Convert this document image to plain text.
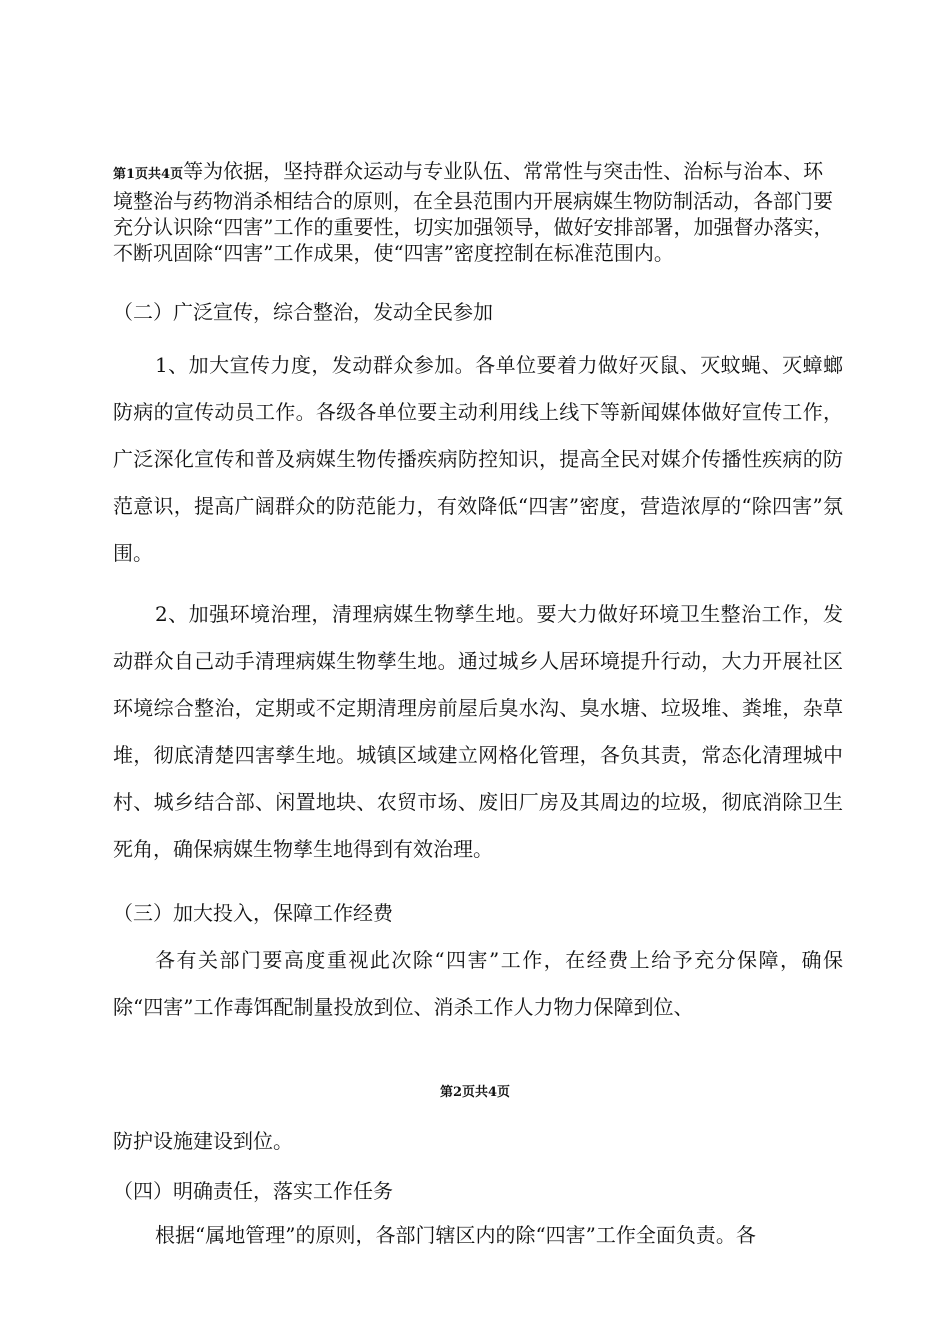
第1页共4页等为依据，坚持群众运动与专业队伍、常常性与突击性、治标与治本、环境整治与药物消杀相结合的原则，在全县范围内开展病媒生物防制活动，各部门要充分认识除“四害”工作的重要性，切实加强领导，做好安排部署，加强督办落实，不断巩固除“四害”工作成果，使“四害”密度控制在标准范围内。
（二）广泛宣传，综合整治，发动全民参加
1、加大宣传力度，发动群众参加。各单位要着力做好灭鼠、灭蚊蝇、灭蟑螂防病的宣传动员工作。各级各单位要主动利用线上线下等新闻媒体做好宣传工作，广泛深化宣传和普及病媒生物传播疾病防控知识，提高全民对媒介传播性疾病的防范意识，提高广阔群众的防范能力，有效降低“四害”密度，营造浓厚的“除四害”氛围。
2、加强环境治理，清理病媒生物孳生地。要大力做好环境卫生整治工作，发动群众自己动手清理病媒生物孳生地。通过城乡人居环境提升行动，大力开展社区环境综合整治，定期或不定期清理房前屋后臭水沟、臭水塘、垃圾堆、粪堆，杂草堆，彻底清楚四害孳生地。城镇区域建立网格化管理，各负其责，常态化清理城中村、城乡结合部、闲置地块、农贸市场、废旧厂房及其周边的垃圾，彻底消除卫生死角，确保病媒生物孳生地得到有效治理。
（三）加大投入，保障工作经费
各有关部门要高度重视此次除“四害”工作，在经费上给予充分保障，确保除“四害”工作毒饵配制量投放到位、消杀工作人力物力保障到位、
第2页共4页
防护设施建设到位。
（四）明确责任，落实工作任务
根据“属地管理”的原则，各部门辖区内的除“四害”工作全面负责。各
